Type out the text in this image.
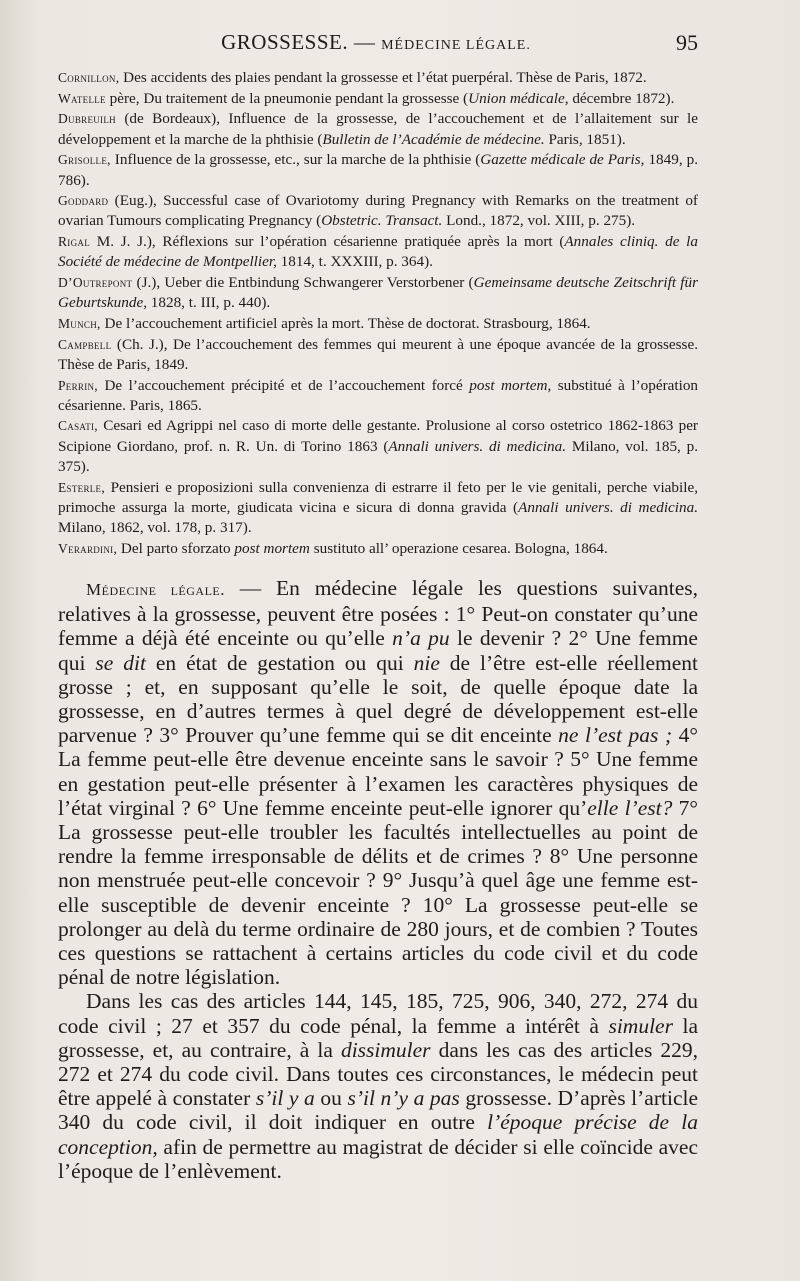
GROSSESSE. — MÉDECINE LÉGALE.	95
Cornillon, Des accidents des plaies pendant la grossesse et l’état puerpéral. Thèse de Paris, 1872.
Watelle père, Du traitement de la pneumonie pendant la grossesse (Union médicale, décembre 1872).
Dubreuilh (de Bordeaux), Influence de la grossesse, de l’accouchement et de l’allaitement sur le développement et la marche de la phthisie (Bulletin de l’Académie de médecine. Paris, 1851).
Grisolle, Influence de la grossesse, etc., sur la marche de la phthisie (Gazette médicale de Paris, 1849, p. 786).
Goddard (Eug.), Successful case of Ovariotomy during Pregnancy with Remarks on the treatment of ovarian Tumours complicating Pregnancy (Obstetric. Transact. Lond., 1872, vol. XIII, p. 275).
Rigal M. J. J.), Réflexions sur l’opération césarienne pratiquée après la mort (Annales cliniq. de la Société de médecine de Montpellier, 1814, t. XXXIII, p. 364).
D’Outrepont (J.), Ueber die Entbindung Schwangerer Verstorbener (Gemeinsame deutsche Zeitschrift für Geburtskunde, 1828, t. III, p. 440).
Munch, De l’accouchement artificiel après la mort. Thèse de doctorat. Strasbourg, 1864.
Campbell (Ch. J.), De l’accouchement des femmes qui meurent à une époque avancée de la grossesse. Thèse de Paris, 1849.
Perrin, De l’accouchement précipité et de l’accouchement forcé post mortem, substitué à l’opération césarienne. Paris, 1865.
Casati, Cesari ed Agrippi nel caso di morte delle gestante. Prolusione al corso ostetrico 1862-1863 per Scipione Giordano, prof. n. R. Un. di Torino 1863 (Annali univers. di medicina. Milano, vol. 185, p. 375).
Esterle, Pensieri e proposizioni sulla convenienza di estrarre il feto per le vie genitali, perche viabile, primoche assurga la morte, giudicata vicina e sicura di donna gravida (Annali univers. di medicina. Milano, 1862, vol. 178, p. 317).
Verardini, Del parto sforzato post mortem sustituto all’ operazione cesarea. Bologna, 1864.

Médecine légale. — En médecine légale les questions suivantes, relatives à la grossesse, peuvent être posées : 1° Peut-on constater qu’une femme a déjà été enceinte ou qu’elle n’a pu le devenir ? 2° Une femme qui se dit en état de gestation ou qui nie de l’être est-elle réellement grosse ; et, en supposant qu’elle le soit, de quelle époque date la grossesse, en d’autres termes à quel degré de développement est-elle parvenue ? 3° Prouver qu’une femme qui se dit enceinte ne l’est pas ; 4° La femme peut-elle être devenue enceinte sans le savoir ? 5° Une femme en gestation peut-elle présenter à l’examen les caractères physiques de l’état virginal ? 6° Une femme enceinte peut-elle ignorer qu’elle l’est? 7° La grossesse peut-elle troubler les facultés intellectuelles au point de rendre la femme irresponsable de délits et de crimes ? 8° Une personne non menstruée peut-elle concevoir ? 9° Jusqu’à quel âge une femme est-elle susceptible de devenir enceinte ? 10° La grossesse peut-elle se prolonger au delà du terme ordinaire de 280 jours, et de combien ? Toutes ces questions se rattachent à certains articles du code civil et du code pénal de notre législation.

Dans les cas des articles 144, 145, 185, 725, 906, 340, 272, 274 du code civil ; 27 et 357 du code pénal, la femme a intérêt à simuler la grossesse, et, au contraire, à la dissimuler dans les cas des articles 229, 272 et 274 du code civil. Dans toutes ces circonstances, le médecin peut être appelé à constater s’il y a ou s’il n’y a pas grossesse. D’après l’article 340 du code civil, il doit indiquer en outre l’époque précise de la conception, afin de permettre au magistrat de décider si elle coïncide avec l’époque de l’enlèvement.
